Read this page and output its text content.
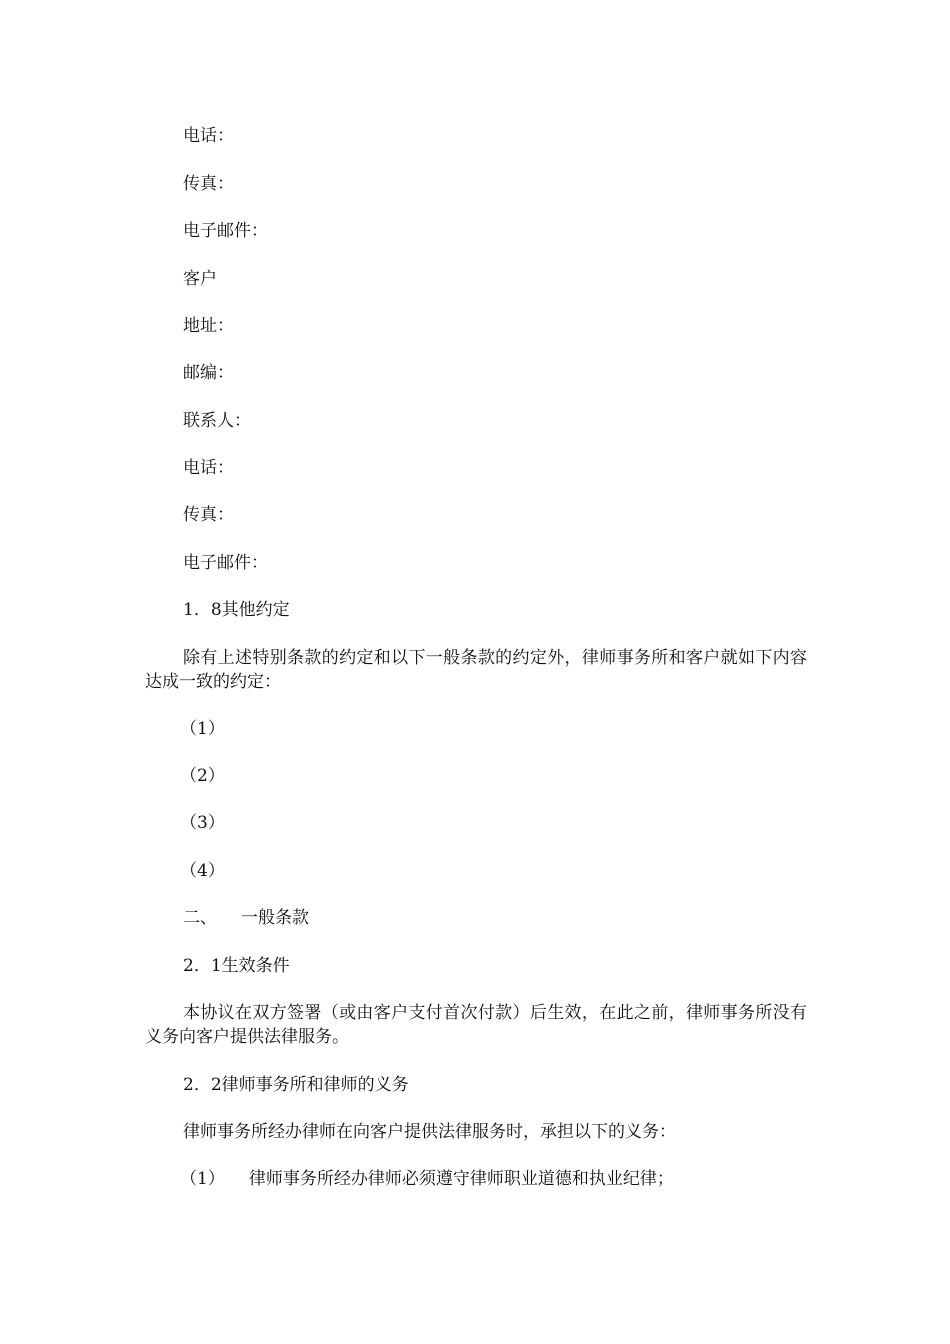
电话：
传真：
电子邮件：
客户
地址：
邮编：
联系人：
电话：
传真：
电子邮件：
1．8其他约定
除有上述特别条款的约定和以下一般条款的约定外，律师事务所和客户就如下内容达成一致的约定：
（1）
（2）
（3）
（4）
二、 一般条款
2．1生效条件
本协议在双方签署（或由客户支付首次付款）后生效，在此之前，律师事务所没有义务向客户提供法律服务。
2．2律师事务所和律师的义务
律师事务所经办律师在向客户提供法律服务时，承担以下的义务：
（1） 律师事务所经办律师必须遵守律师职业道德和执业纪律；
